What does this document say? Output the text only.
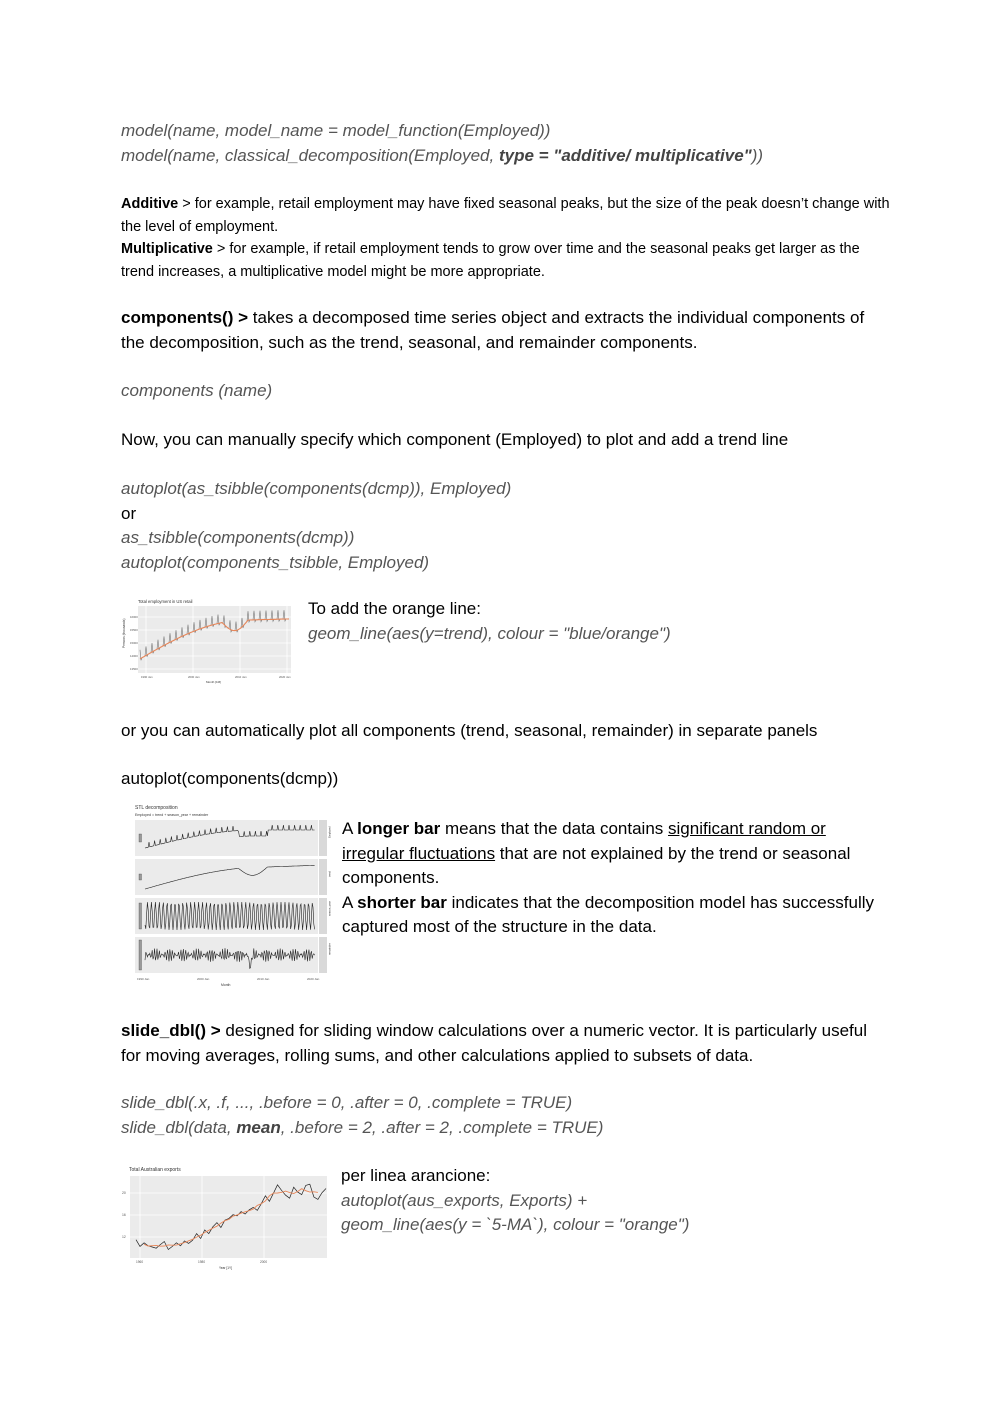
model(name, model_name = model_function(Employed))

model(name, classical_decomposition(Employed, type = "additive/ multiplicative"))

Additive > for example, retail employment may have fixed seasonal peaks, but the size of the peak doesn’t change with the level of employment.

Multiplicative > for example, if retail employment tends to grow over time and the seasonal peaks get larger as the trend increases, a multiplicative model might be more appropriate.

components() > takes a decomposed time series object and extracts the individual components of the decomposition, such as the trend, seasonal, and remainder components.

components (name)

Now, you can manually specify which component (Employed) to plot and add a trend line

autoplot(as_tsibble(components(dcmp)), Employed)

or

as_tsibble(components(dcmp))

autoplot(components_tsibble, Employed)

Total employment in US retail
Persons (thousands)
16000
15500
15000
14000
13500
1990 Jan	2000 Jan	2010 Jan	2020 Jan
Month [1M]

To add the orange line:

geom_line(aes(y=trend), colour = "blue/orange")

or you can automatically plot all components (trend, seasonal, remainder) in separate panels

autoplot(components(dcmp))

STL decomposition
Employed = trend + season_year + remainder
Employed
trend
season_year
remainder
1990 Jan	2000 Jan	2010 Jan	2020 Jan
Month

A longer bar means that the data contains significant random or irregular fluctuations that are not explained by the trend or seasonal components.

A shorter bar indicates that the decomposition model has successfully captured most of the structure in the data.

slide_dbl() > designed for sliding window calculations over a numeric vector. It is particularly useful for moving averages, rolling sums, and other calculations applied to subsets of data.

slide_dbl(.x, .f, ..., .before = 0, .after = 0, .complete = TRUE)

slide_dbl(data, mean, .before = 2, .after = 2, .complete = TRUE)

Total Australian exports
20
16
12
1960	1980	2000
Year [1Y]

per linea arancione:

autoplot(aus_exports, Exports) +

geom_line(aes(y = `5-MA`), colour = "orange")
